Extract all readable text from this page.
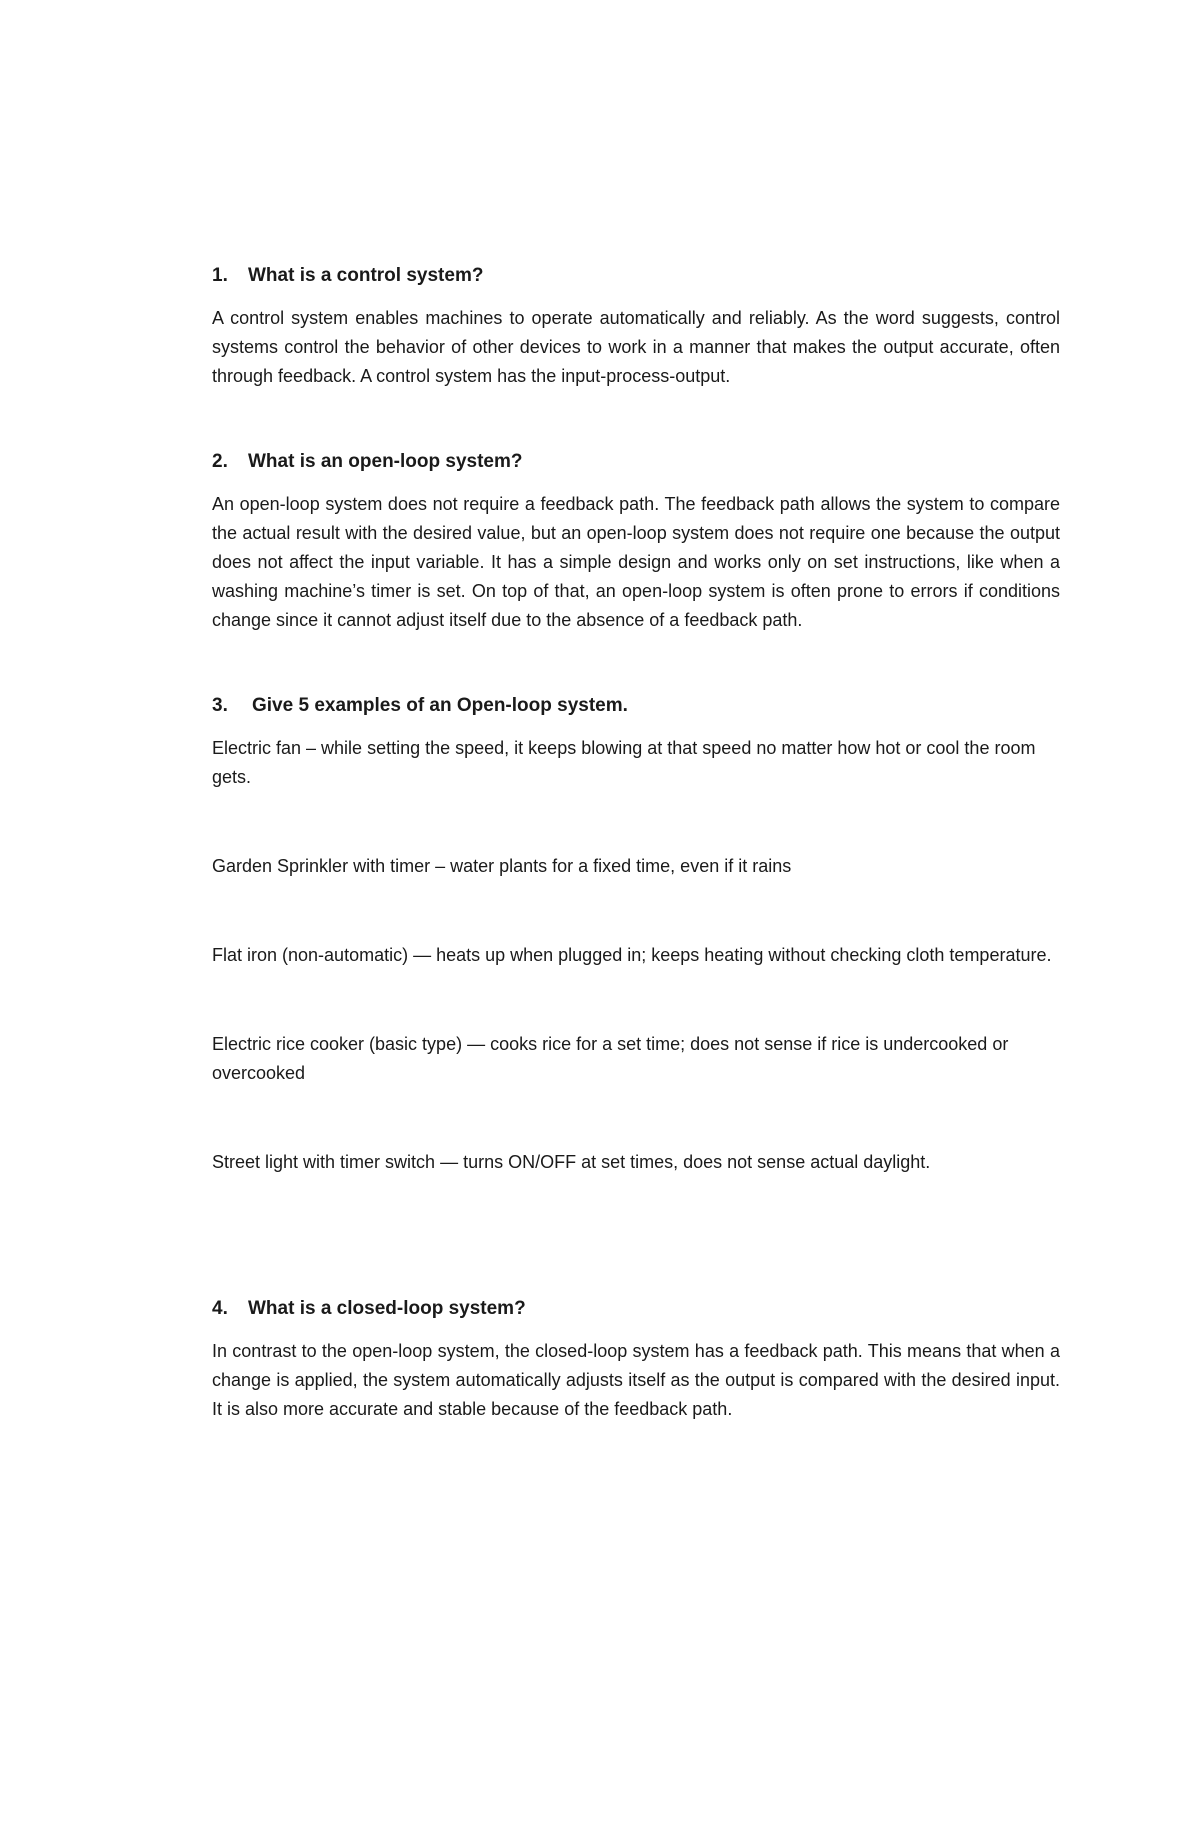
1.	What is a control system?

A control system enables machines to operate automatically and reliably. As the word suggests, control systems control the behavior of other devices to work in a manner that makes the output accurate, often through feedback. A control system has the input-process-output.

2.	What is an open-loop system?

An open-loop system does not require a feedback path. The feedback path allows the system to compare the actual result with the desired value, but an open-loop system does not require one because the output does not affect the input variable. It has a simple design and works only on set instructions, like when a washing machine’s timer is set. On top of that, an open-loop system is often prone to errors if conditions change since it cannot adjust itself due to the absence of a feedback path.

3.	Give 5 examples of an Open-loop system.

Electric fan – while setting the speed, it keeps blowing at that speed no matter how hot or cool the room gets.

Garden Sprinkler with timer – water plants for a fixed time, even if it rains

Flat iron (non-automatic) — heats up when plugged in; keeps heating without checking cloth temperature.

Electric rice cooker (basic type) — cooks rice for a set time; does not sense if rice is undercooked or overcooked

Street light with timer switch — turns ON/OFF at set times, does not sense actual daylight.

4.	What is a closed-loop system?

In contrast to the open-loop system, the closed-loop system has a feedback path. This means that when a change is applied, the system automatically adjusts itself as the output is compared with the desired input. It is also more accurate and stable because of the feedback path.
